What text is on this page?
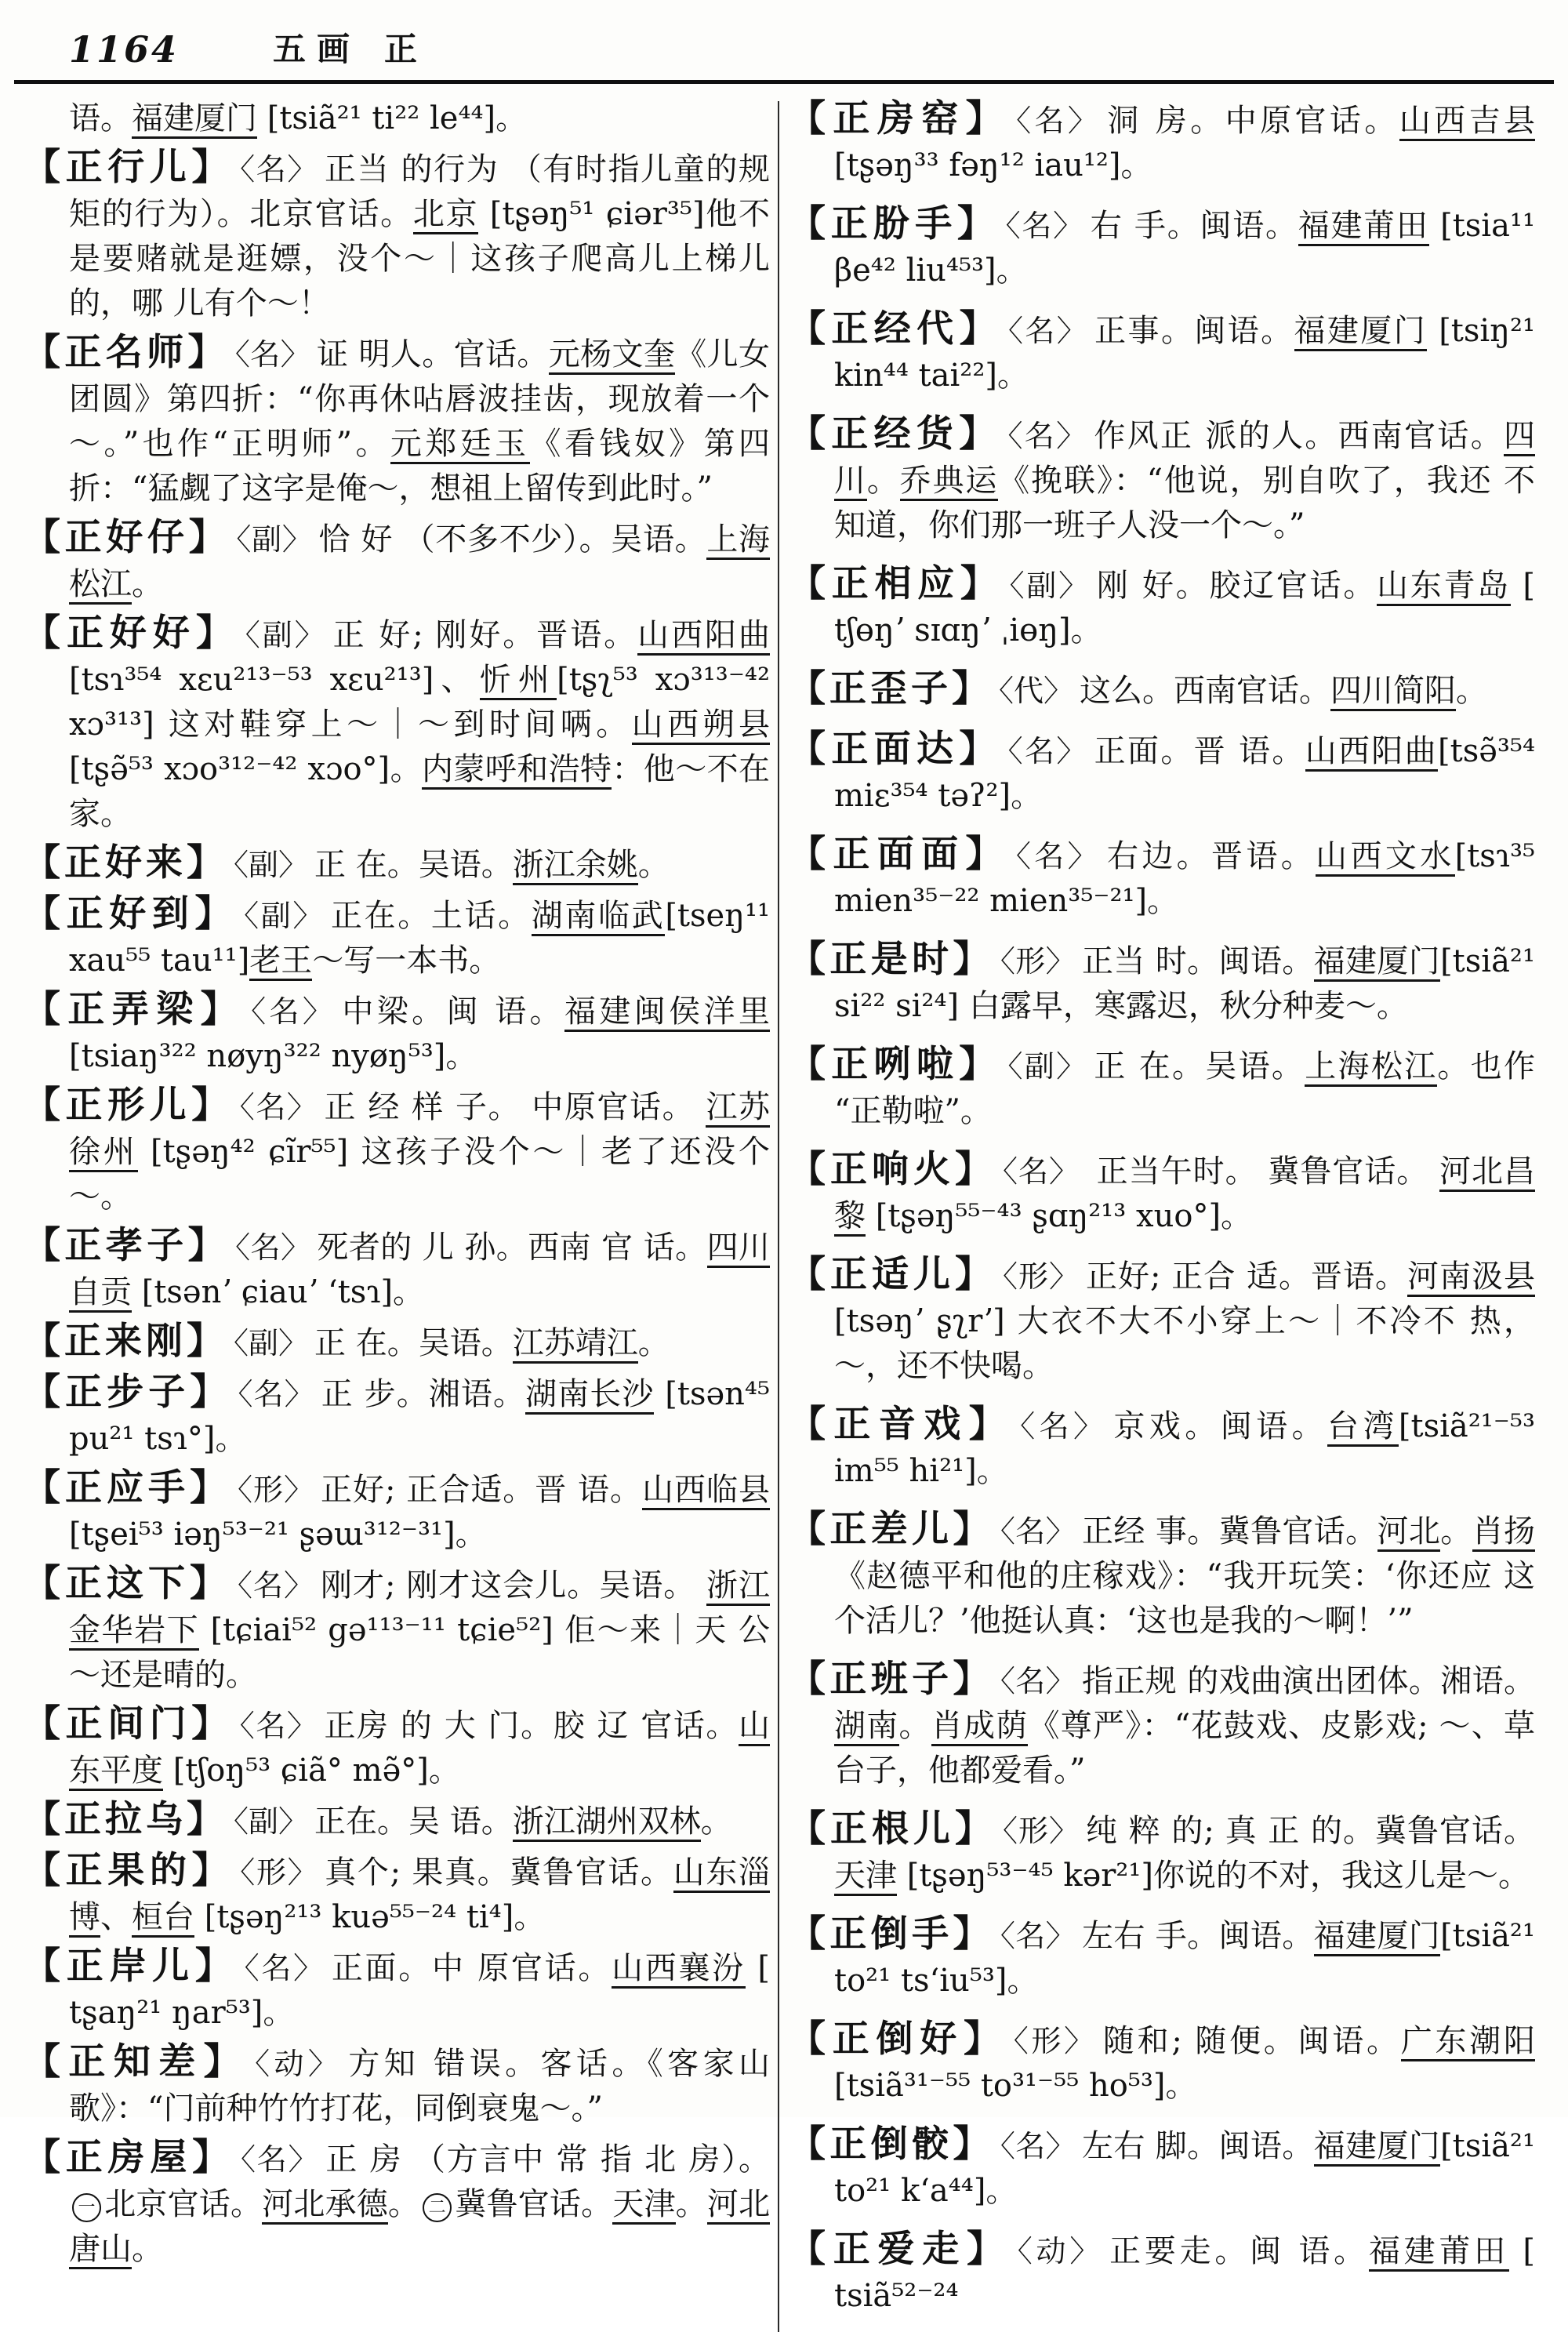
1164	五画 正
语。福建厦门 [tsiã²¹ ti²² le⁴⁴]。
【正行儿】 〈名〉 正当 的行为 （有时指儿童的规矩的行为）。北京官话。北京 [tʂəŋ⁵¹ ɕiər³⁵]他不是要赌就是逛嫖，没个～｜这孩子爬高儿上梯儿的，哪 儿有个～！
【正名师】 〈名〉 证 明人。官话。元杨文奎《儿女团圆》第四折：“你再休呫唇波挂齿，现放着一个～。”也作“正明师”。元郑廷玉《看钱奴》第四折：“猛觑了这字是俺～，想祖上留传到此时。”
【正好仔】 〈副〉 恰 好 （不多不少）。吴语。上海松江。
【正好好】 〈副〉 正 好; 刚好。晋语。山西阳曲[tsɿ³⁵⁴ xɛu²¹³⁻⁵³ xɛu²¹³]、忻州[tʂʅ⁵³ xɔ³¹³⁻⁴² xɔ³¹³] 这对鞋穿上～｜～到时间唡。山西朔县 [tʂə̃⁵³ xɔo³¹²⁻⁴² xɔo°]。内蒙呼和浩特：他～不在家。
【正好来】 〈副〉 正 在。吴语。浙江余姚。
【正好到】 〈副〉 正在。土话。湖南临武[tseŋ¹¹ xau⁵⁵ tau¹¹]老王～写一本书。
【正弄梁】 〈名〉 中梁。闽 语。福建闽侯洋里[tsiaŋ³²² nøyŋ³²² nyøŋ⁵³]。
【正形儿】 〈名〉 正 经 样 子。 中原官话。 江苏徐州 [tʂəŋ⁴² ɕĩr⁵⁵] 这孩子没个～｜老了还没个～。
【正孝子】 〈名〉 死者的 儿 孙。西南 官 话。四川自贡 [tsənʼ ɕiauʼ ʻtsɿ]。
【正来刚】 〈副〉 正 在。吴语。江苏靖江。
【正步子】 〈名〉 正 步。湘语。湖南长沙 [tsən⁴⁵ pu²¹ tsɿ°]。
【正应手】 〈形〉 正好; 正合适。晋 语。山西临县[tʂei⁵³ iəŋ⁵³⁻²¹ ʂəɯ³¹²⁻³¹]。
【正这下】 〈名〉 刚才; 刚才这会儿。吴语。 浙江金华岩下 [tɕiai⁵² gə¹¹³⁻¹¹ tɕie⁵²] 佢～来｜天 公～还是晴的。
【正间门】 〈名〉 正房 的 大 门。胶 辽 官话。山东平度 [tʃoŋ⁵³ ɕiã° mə̃°]。
【正拉乌】 〈副〉 正在。吴 语。浙江湖州双林。
【正果的】 〈形〉 真个; 果真。冀鲁官话。山东淄博、桓台 [tʂəŋ²¹³ kuə⁵⁵⁻²⁴ ti⁴]。
【正岸儿】 〈名〉 正面。中 原官话。山西襄汾 [ tʂaŋ²¹ ŋar⁵³]。
【正知差】 〈动〉 方知 错误。客话。《客家山歌》：“门前种竹竹打花，同倒衰鬼～。”
【正房屋】 〈名〉 正 房 （方言中 常 指 北 房）。一 北京官话。河北承德。 二 冀鲁官话。天津。河北唐山。
【正房窑】 〈名〉 洞 房。中原官话。山西吉县 [tʂəŋ³³ fəŋ¹² iau¹²]。
【正朌手】 〈名〉 右 手。闽语。福建莆田 [tsia¹¹ βe⁴² liu⁴⁵³]。
【正经代】 〈名〉 正事。闽语。福建厦门 [tsiŋ²¹ kin⁴⁴ tai²²]。
【正经货】 〈名〉 作风正 派的人。西南官话。四川。乔典运《挽联》：“他说，别自吹了，我还 不 知道，你们那一班子人没一个～。”
【正相应】 〈副〉 刚 好。胶辽官话。山东青岛 [ tʃɵŋʼ sɪɑŋʼ ˌiɵŋ]。
【正歪子】 〈代〉 这么。西南官话。四川简阳。
【正面达】 〈名〉 正面。晋 语。山西阳曲[tsə̃³⁵⁴ miɛ³⁵⁴ təʔ²]。
【正面面】 〈名〉 右边。晋语。山西文水[tsɿ³⁵ mien³⁵⁻²² mien³⁵⁻²¹]。
【正是时】 〈形〉 正当 时。闽语。福建厦门[tsiã²¹ si²² si²⁴] 白露早，寒露迟，秋分种麦～。
【正咧啦】 〈副〉 正 在。吴语。上海松江。也作 “正勒啦”。
【正响火】 〈名〉 正当午时。 冀鲁官话。 河北昌黎 [tʂəŋ⁵⁵⁻⁴³ ʂɑŋ²¹³ xuo°]。
【正适儿】 〈形〉 正好; 正合 适。晋语。河南汲县[tsəŋʼ ʂʅrʼ] 大衣不大不小穿上～｜不冷不 热，～，还不快喝。
【正音戏】 〈名〉 京戏。闽语。台湾[tsiã²¹⁻⁵³ im⁵⁵ hi²¹]。
【正差儿】 〈名〉 正经 事。冀鲁官话。河北。肖扬《赵德平和他的庄稼戏》：“我开玩笑：‘你还应 这 个活儿？’他挺认真：‘这也是我的～啊！’”
【正班子】 〈名〉 指正规 的戏曲演出团体。湘语。湖南。肖成荫《尊严》：“花鼓戏、皮影戏; ～、草台子，他都爱看。”
【正根儿】 〈形〉 纯 粹 的; 真 正 的。冀鲁官话。天津 [tʂəŋ⁵³⁻⁴⁵ kər²¹]你说的不对，我这儿是～。
【正倒手】 〈名〉 左右 手。闽语。福建厦门[tsiã²¹ to²¹ ts‘iu⁵³]。
【正倒好】 〈形〉 随和; 随便。闽语。广东潮阳[tsiã³¹⁻⁵⁵ to³¹⁻⁵⁵ ho⁵³]。
【正倒骹】 〈名〉 左右 脚。闽语。福建厦门[tsiã²¹ to²¹ k‘a⁴⁴]。
【正爱走】 〈动〉 正要走。闽 语。福建莆田 [ tsiã⁵²⁻²⁴
